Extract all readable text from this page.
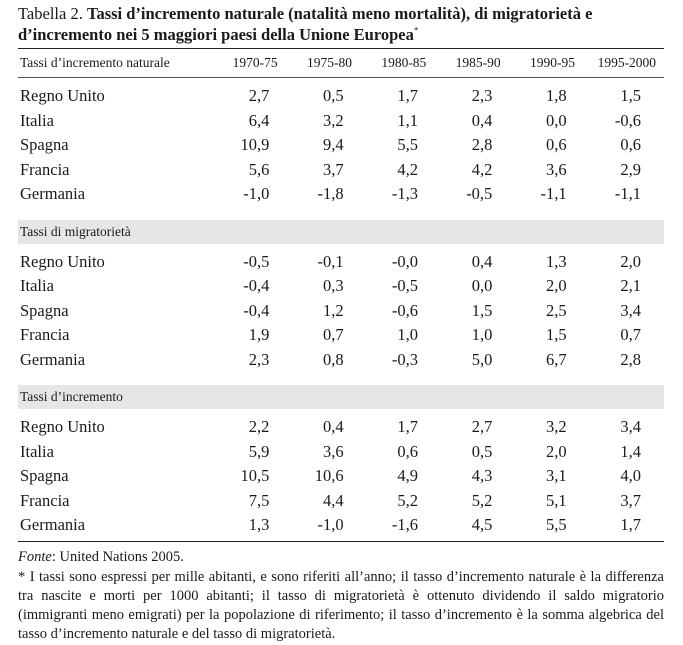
Tabella 2. Tassi d’incremento naturale (natalità meno mortalità), di migratorietà e d’incremento nei 5 maggiori paesi della Unione Europea*
Tassi d’incremento naturale	1970-75	1975-80	1980-85	1985-90	1990-95	1995-2000

Regno Unito	2,7	0,5	1,7	2,3	1,8	1,5
Italia	6,4	3,2	1,1	0,4	0,0	-0,6
Spagna	10,9	9,4	5,5	2,8	0,6	0,6
Francia	5,6	3,7	4,2	4,2	3,6	2,9
Germania	-1,0	-1,8	-1,3	-0,5	-1,1	-1,1

Tassi di migratorietà						

Regno Unito	-0,5	-0,1	-0,0	0,4	1,3	2,0
Italia	-0,4	0,3	-0,5	0,0	2,0	2,1
Spagna	-0,4	1,2	-0,6	1,5	2,5	3,4
Francia	1,9	0,7	1,0	1,0	1,5	0,7
Germania	2,3	0,8	-0,3	5,0	6,7	2,8

Tassi d’incremento						

Regno Unito	2,2	0,4	1,7	2,7	3,2	3,4
Italia	5,9	3,6	0,6	0,5	2,0	1,4
Spagna	10,5	10,6	4,9	4,3	3,1	4,0
Francia	7,5	4,4	5,2	5,2	5,1	3,7
Germania	1,3	-1,0	-1,6	4,5	5,5	1,7
Fonte: United Nations 2005.
* I tassi sono espressi per mille abitanti, e sono riferiti all’anno; il tasso d’incremento naturale è la differenza tra nascite e morti per 1000 abitanti; il tasso di migratorietà è ottenuto dividendo il saldo migratorio (immigranti meno emigrati) per la popolazione di riferimento; il tasso d’incremento è la somma algebrica del tasso d’incremento naturale e del tasso di migratorietà.
